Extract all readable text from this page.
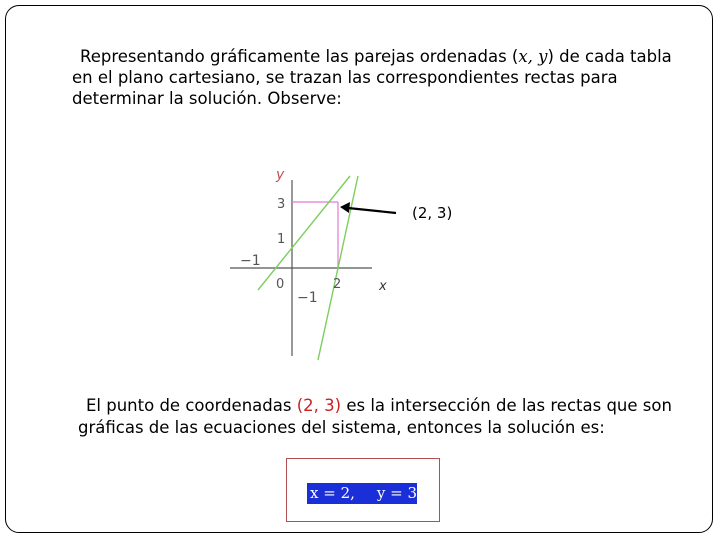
Representando gráficamente las parejas ordenadas (x, y) de cada tabla
en el plano cartesiano, se trazan las correspondientes rectas para
determinar la solución. Observe:

y
x
3
1
−1
0
−1
2
(2, 3)

El punto de coordenadas (2, 3) es la intersección de las rectas que son
gráficas de las ecuaciones del sistema, entonces la solución es:

x = 2, y = 3
